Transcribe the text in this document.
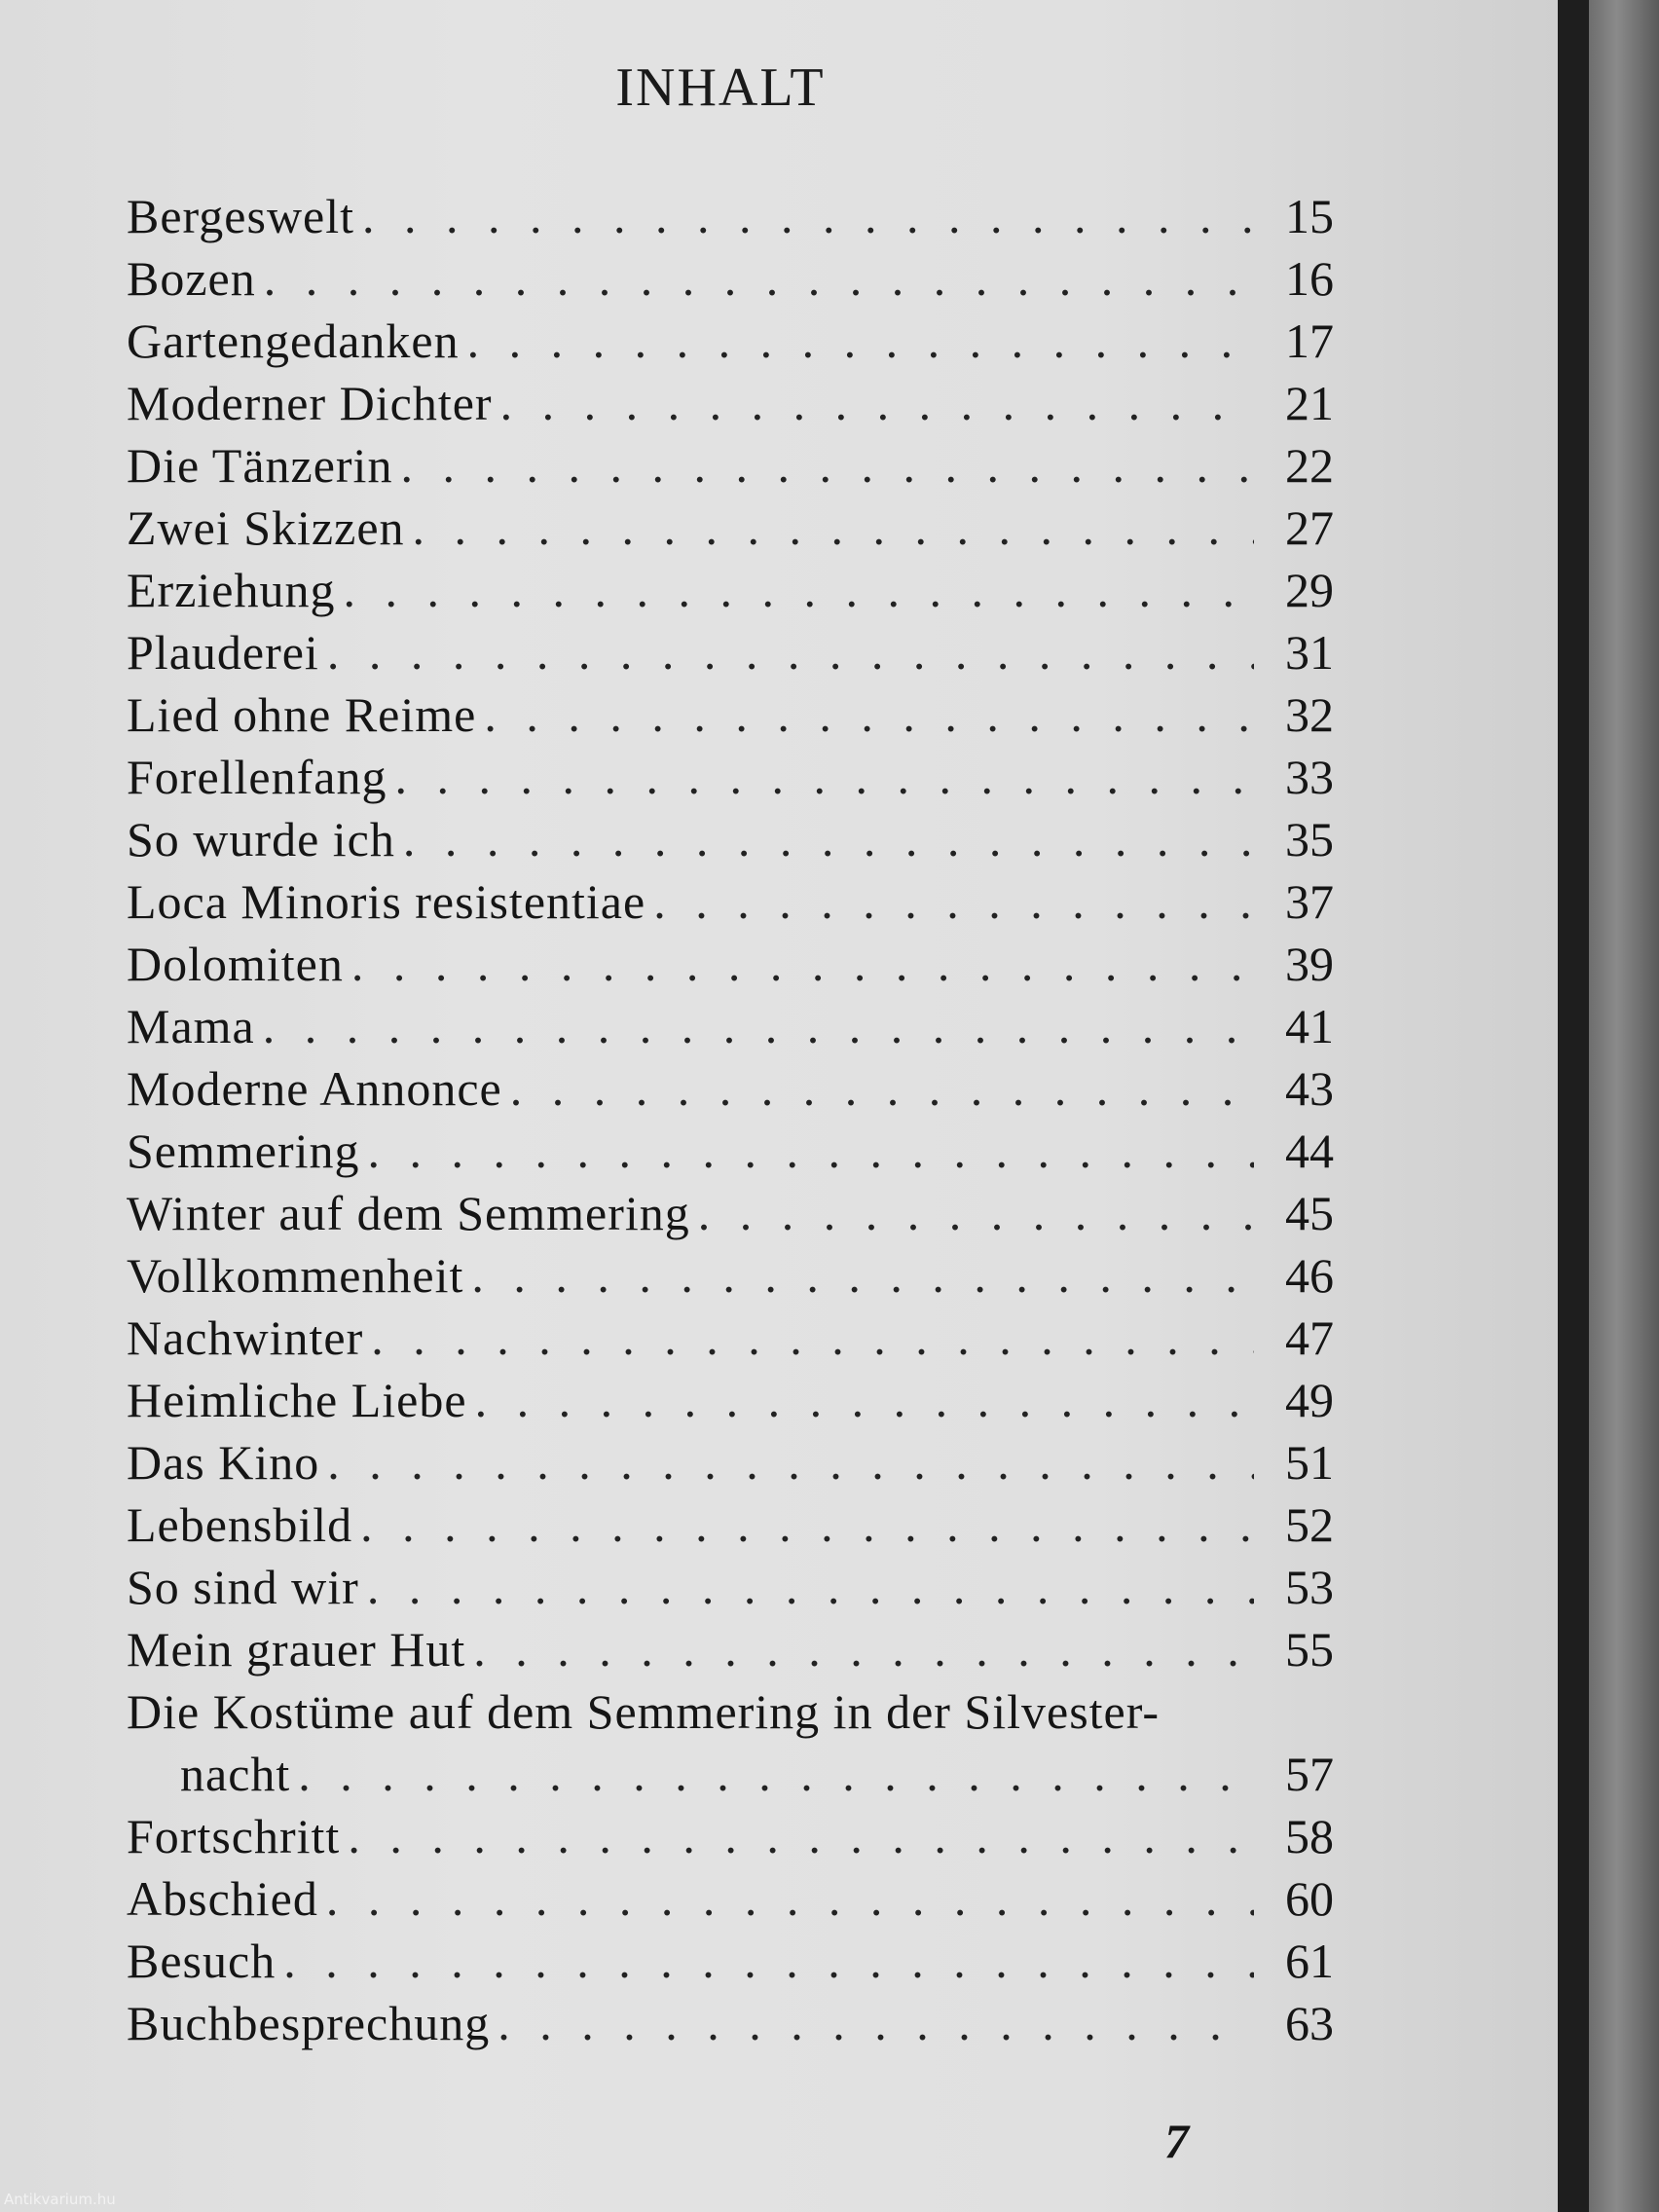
INHALT
Bergeswelt . . .	15
Bozen . . .	16
Gartengedanken . . .	17
Moderner Dichter . . .	21
Die Tänzerin . . .	22
Zwei Skizzen . . .	27
Erziehung . . .	29
Plauderei . . .	31
Lied ohne Reime . . .	32
Forellenfang . . .	33
So wurde ich . . .	35
Loca Minoris resistentiae . . .	37
Dolomiten . . .	39
Mama . . .	41
Moderne Annonce . . .	43
Semmering . . .	44
Winter auf dem Semmering . . .	45
Vollkommenheit . . .	46
Nachwinter . . .	47
Heimliche Liebe . . .	49
Das Kino . . .	51
Lebensbild . . .	52
So sind wir . . .	53
Mein grauer Hut . . .	55
Die Kostüme auf dem Semmering in der Silvester-
nacht . . .	57
Fortschritt . . .	58
Abschied . . .	60
Besuch . . .	61
Buchbesprechung . . .	63
7
Antikvarium.hu
